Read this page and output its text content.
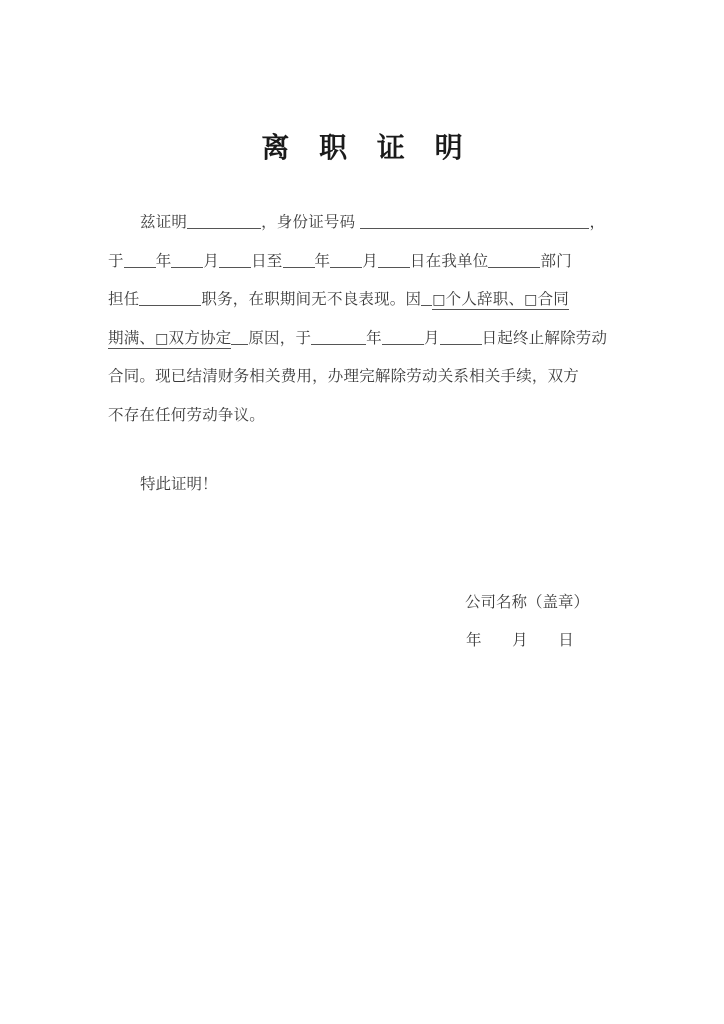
离 职 证 明
兹证明	，身份证号码	，
于 年 月 日至 年 月 日在我单位	部门
担任	职务，在职期间无不良表现。因 □个人辞职、□合同
期满、□双方协定 原因，于	年	月	日起终止解除劳动
合同。现已结清财务相关费用，办理完解除劳动关系相关手续，双方
不存在任何劳动争议。
特此证明！
公司名称（盖章）
年     月     日
